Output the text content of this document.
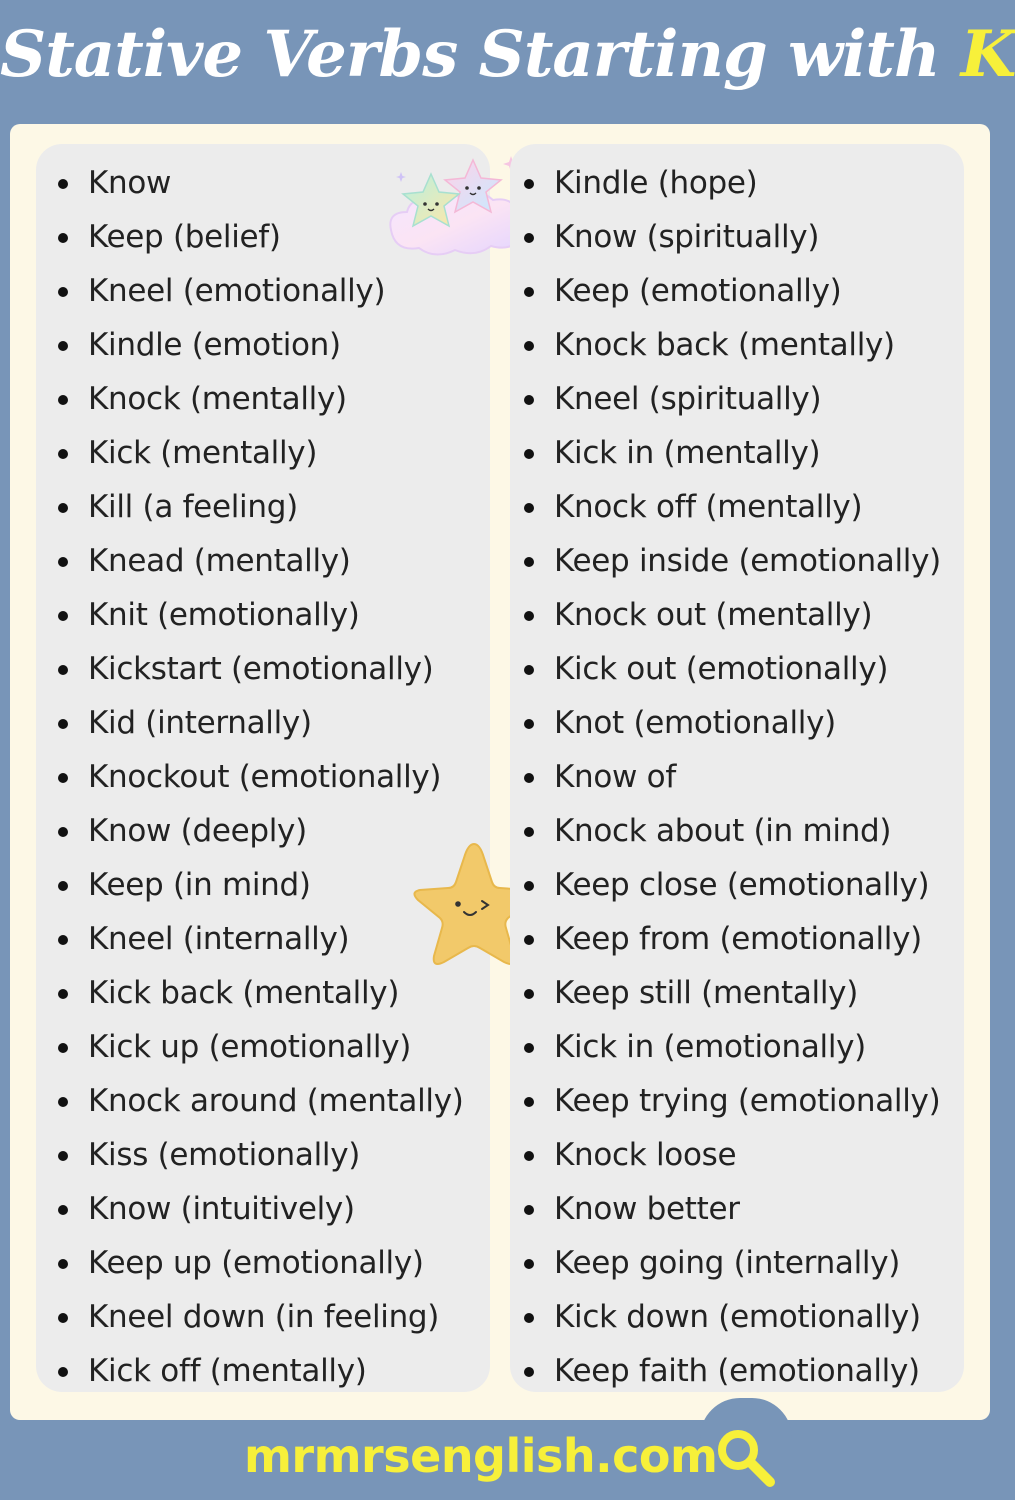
Stative Verbs Starting with K
Know
Keep (belief)
Kneel (emotionally)
Kindle (emotion)
Knock (mentally)
Kick (mentally)
Kill (a feeling)
Knead (mentally)
Knit (emotionally)
Kickstart (emotionally)
Kid (internally)
Knockout (emotionally)
Know (deeply)
Keep (in mind)
Kneel (internally)
Kick back (mentally)
Kick up (emotionally)
Knock around (mentally)
Kiss (emotionally)
Know (intuitively)
Keep up (emotionally)
Kneel down (in feeling)
Kick off (mentally)
Kindle (hope)
Know (spiritually)
Keep (emotionally)
Knock back (mentally)
Kneel (spiritually)
Kick in (mentally)
Knock off (mentally)
Keep inside (emotionally)
Knock out (mentally)
Kick out (emotionally)
Knot (emotionally)
Know of
Knock about (in mind)
Keep close (emotionally)
Keep from (emotionally)
Keep still (mentally)
Kick in (emotionally)
Keep trying (emotionally)
Knock loose
Know better
Keep going (internally)
Kick down (emotionally)
Keep faith (emotionally)
mrmrsenglish.com
